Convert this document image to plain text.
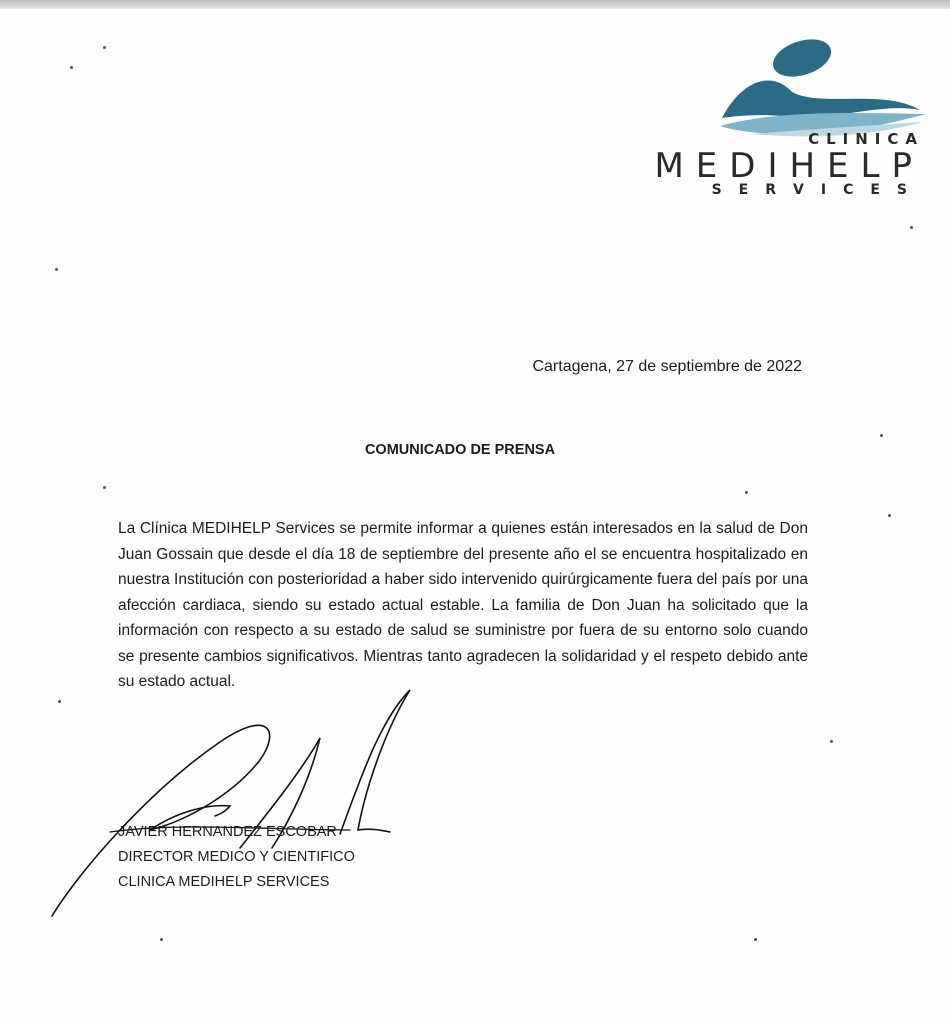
CLINICA
MEDIHELP
SERVICES
Cartagena, 27 de septiembre de 2022
COMUNICADO DE PRENSA

La Clínica MEDIHELP Services se permite informar a quienes están interesados en la salud de Don Juan Gossain que desde el día 18 de septiembre del presente año el se encuentra hospitalizado en nuestra Institución con posterioridad a haber sido intervenido quirúrgicamente fuera del país por una afección cardiaca, siendo su estado actual estable. La familia de Don Juan ha solicitado que la información con respecto a su estado de salud se suministre por fuera de su entorno solo cuando se presente cambios significativos. Mientras tanto agradecen la solidaridad y el respeto debido ante su estado actual.

JAVIER HERNANDEZ ESCOBAR
DIRECTOR MEDICO Y CIENTIFICO
CLINICA MEDIHELP SERVICES
